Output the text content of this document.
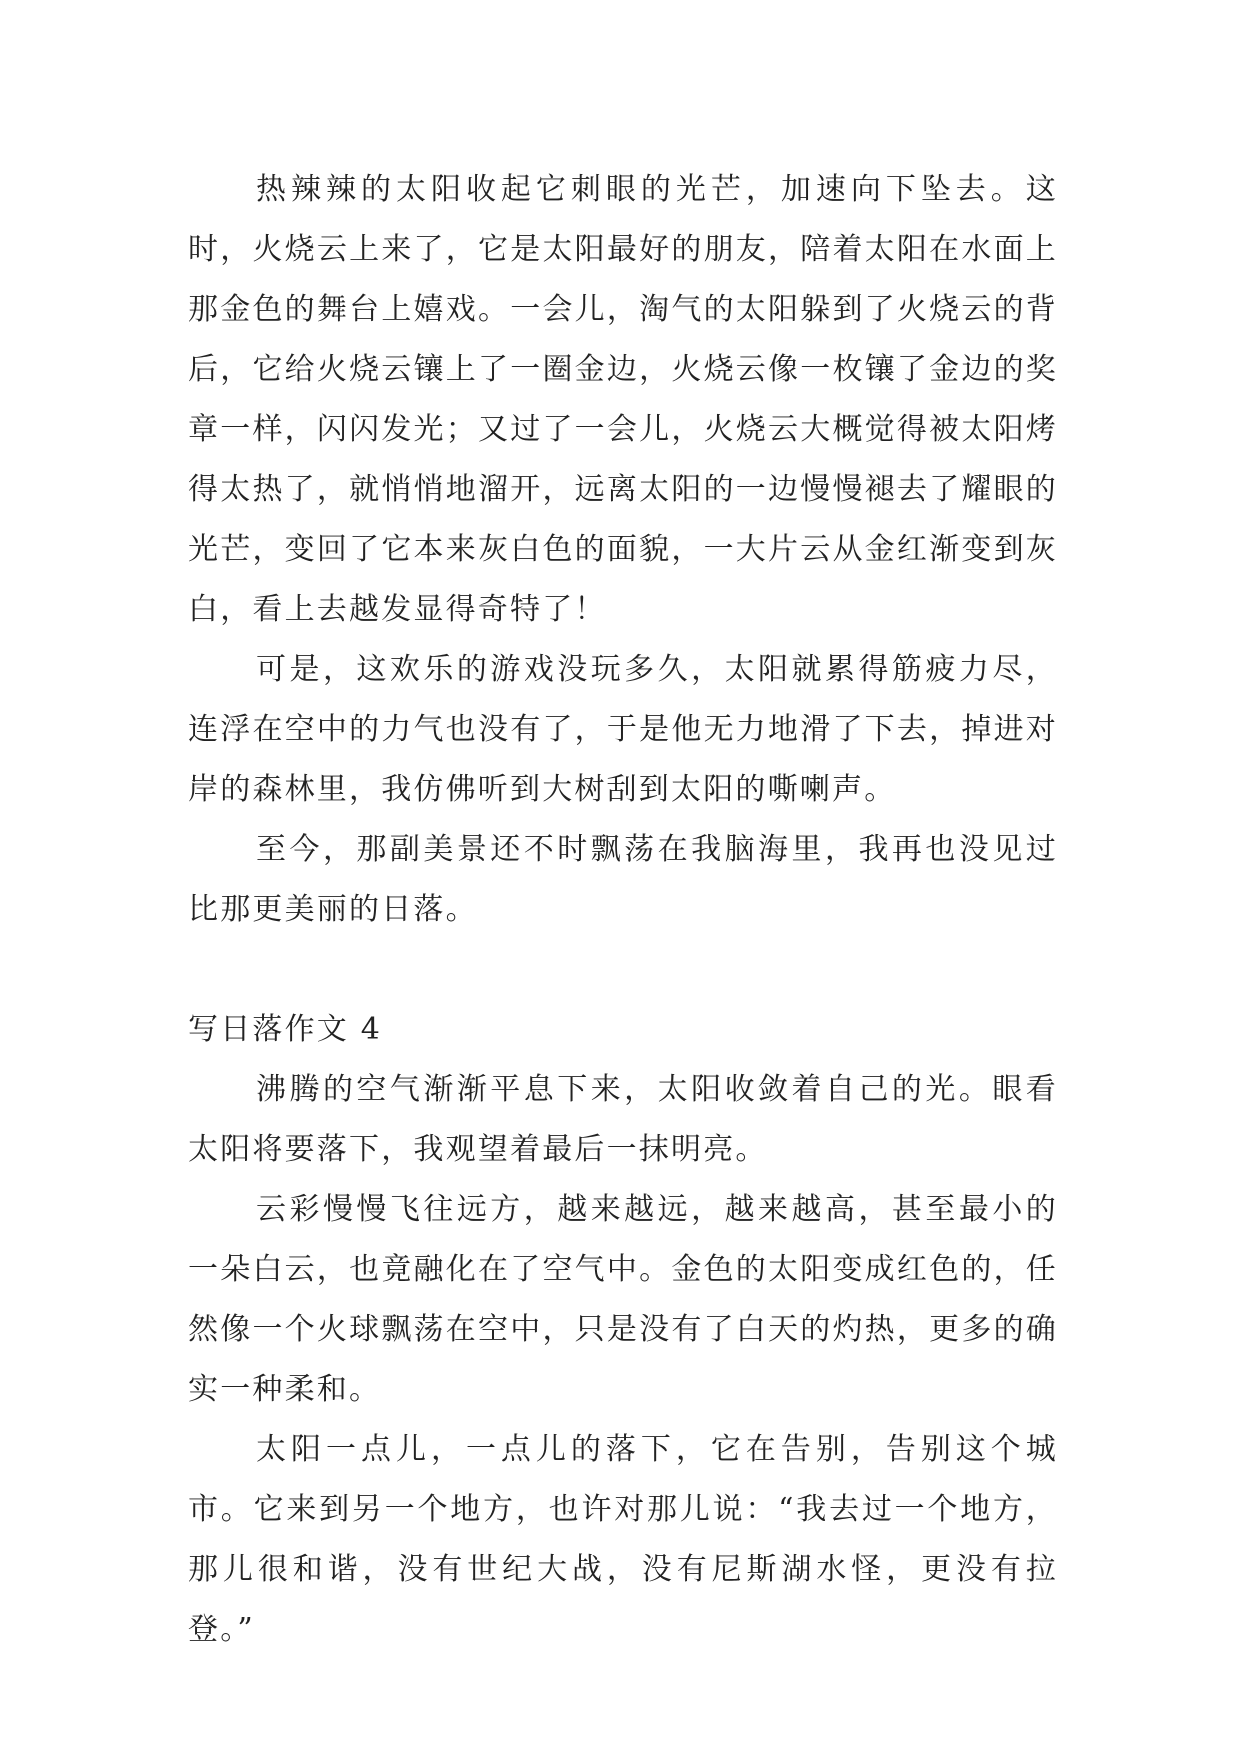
热辣辣的太阳收起它刺眼的光芒，加速向下坠去。这时，火烧云上来了，它是太阳最好的朋友，陪着太阳在水面上那金色的舞台上嬉戏。一会儿，淘气的太阳躲到了火烧云的背后，它给火烧云镶上了一圈金边，火烧云像一枚镶了金边的奖章一样，闪闪发光；又过了一会儿，火烧云大概觉得被太阳烤得太热了，就悄悄地溜开，远离太阳的一边慢慢褪去了耀眼的光芒，变回了它本来灰白色的面貌，一大片云从金红渐变到灰白，看上去越发显得奇特了！

可是，这欢乐的游戏没玩多久，太阳就累得筋疲力尽，连浮在空中的力气也没有了，于是他无力地滑了下去，掉进对岸的森林里，我仿佛听到大树刮到太阳的嘶喇声。

至今，那副美景还不时飘荡在我脑海里，我再也没见过比那更美丽的日落。

写日落作文 4

沸腾的空气渐渐平息下来，太阳收敛着自己的光。眼看太阳将要落下，我观望着最后一抹明亮。

云彩慢慢飞往远方，越来越远，越来越高，甚至最小的一朵白云，也竟融化在了空气中。金色的太阳变成红色的，任然像一个火球飘荡在空中，只是没有了白天的灼热，更多的确实一种柔和。

太阳一点儿，一点儿的落下，它在告别，告别这个城市。它来到另一个地方，也许对那儿说：“我去过一个地方，那儿很和谐，没有世纪大战，没有尼斯湖水怪，更没有拉登。”
